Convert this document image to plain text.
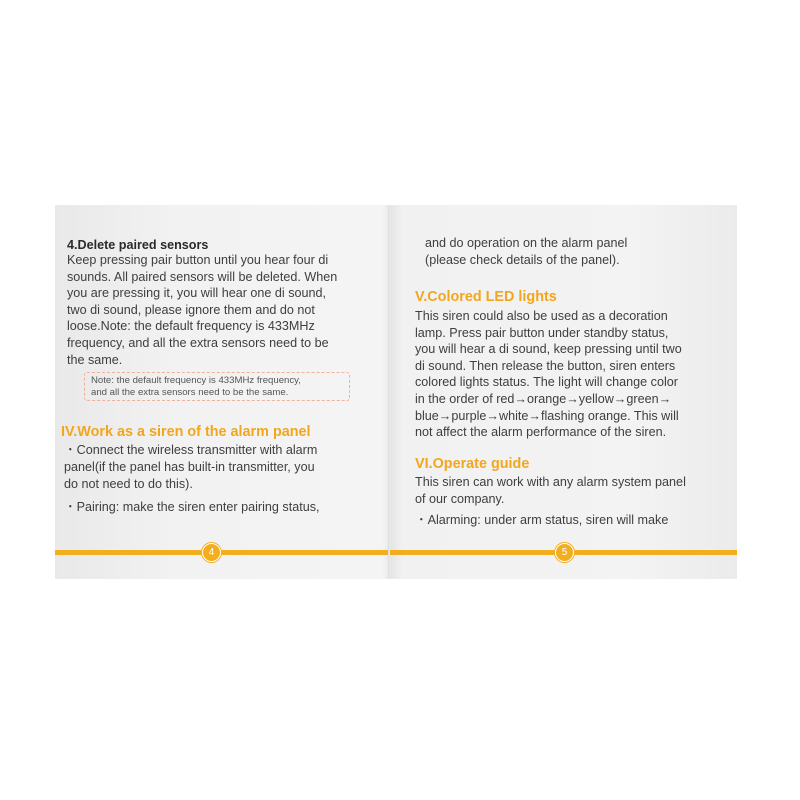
4.Delete paired sensors
Keep pressing pair button until you hear four di
sounds. All paired sensors will be deleted. When
you are pressing it, you will hear one di sound,
two di sound, please ignore them and do not
loose.Note: the default frequency is 433MHz
frequency, and all the extra sensors need to be
the same.
Note: the default frequency is 433MHz frequency,
and all the extra sensors need to be the same.
IV.Work as a siren of the alarm panel
・Connect the wireless transmitter with alarm
panel(if the panel has built-in transmitter, you
do not need to do this).
・Pairing: make the siren enter pairing status,
4
and do operation on the alarm panel
(please check details of the panel).
V.Colored LED lights
This siren could also be used as a decoration
lamp. Press pair button under standby status,
you will hear a di sound, keep pressing until two
di sound. Then release the button, siren enters
colored lights status. The light will change color
in the order of red→orange→yellow→green→
blue→purple→white→flashing orange. This will
not affect the alarm performance of the siren.
VI.Operate guide
This siren can work with any alarm system panel
of our company.
・Alarming: under arm status, siren will make
5
